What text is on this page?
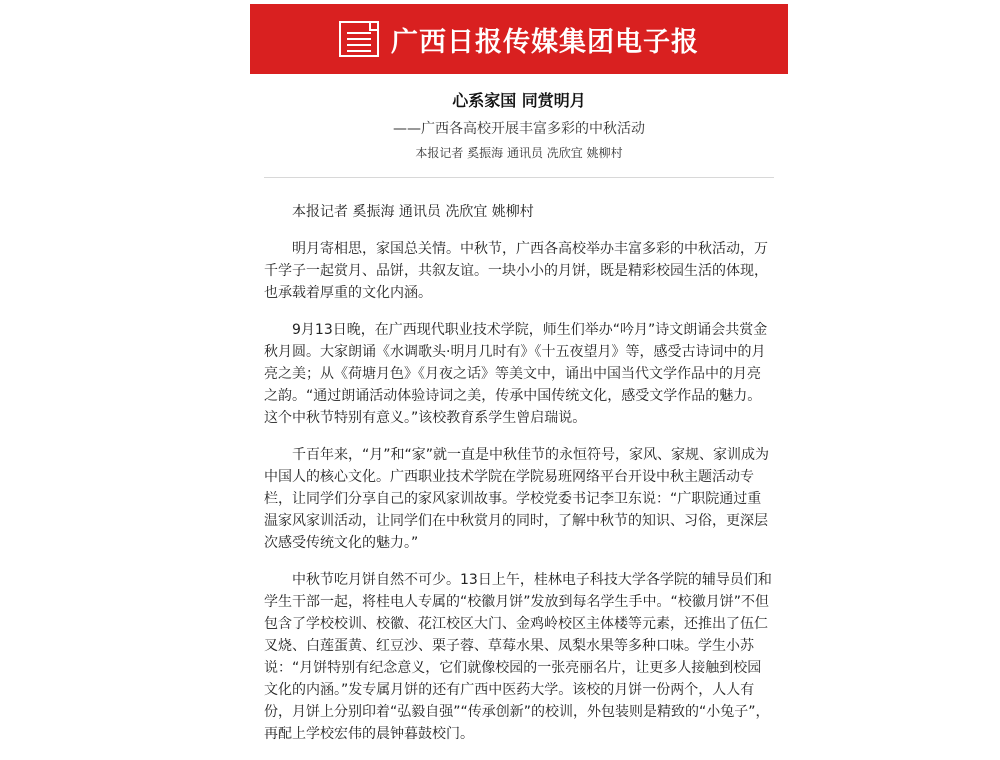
广西日报传媒集团电子报
心系家国 同赏明月
——广西各高校开展丰富多彩的中秋活动
本报记者 奚振海 通讯员 冼欣宜 姚柳村

本报记者 奚振海 通讯员 冼欣宜 姚柳村

明月寄相思，家国总关情。中秋节，广西各高校举办丰富多彩的中秋活动，万千学子一起赏月、品饼，共叙友谊。一块小小的月饼，既是精彩校园生活的体现，也承载着厚重的文化内涵。

9月13日晚，在广西现代职业技术学院，师生们举办“吟月”诗文朗诵会共赏金秋月圆。大家朗诵《水调歌头·明月几时有》《十五夜望月》等，感受古诗词中的月亮之美；从《荷塘月色》《月夜之话》等美文中，诵出中国当代文学作品中的月亮之韵。“通过朗诵活动体验诗词之美，传承中国传统文化，感受文学作品的魅力。这个中秋节特别有意义。”该校教育系学生曾启瑞说。

千百年来，“月”和“家”就一直是中秋佳节的永恒符号，家风、家规、家训成为中国人的核心文化。广西职业技术学院在学院易班网络平台开设中秋主题活动专栏，让同学们分享自己的家风家训故事。学校党委书记李卫东说：“广职院通过重温家风家训活动，让同学们在中秋赏月的同时，了解中秋节的知识、习俗，更深层次感受传统文化的魅力。”

中秋节吃月饼自然不可少。13日上午，桂林电子科技大学各学院的辅导员们和学生干部一起，将桂电人专属的“校徽月饼”发放到每名学生手中。“校徽月饼”不但包含了学校校训、校徽、花江校区大门、金鸡岭校区主体楼等元素，还推出了伍仁叉烧、白莲蛋黄、红豆沙、栗子蓉、草莓水果、凤梨水果等多种口味。学生小苏说：“月饼特别有纪念意义，它们就像校园的一张亮丽名片，让更多人接触到校园文化的内涵。”发专属月饼的还有广西中医药大学。该校的月饼一份两个，人人有份，月饼上分别印着“弘毅自强”“传承创新”的校训，外包装则是精致的“小兔子”，再配上学校宏伟的晨钟暮鼓校门。
